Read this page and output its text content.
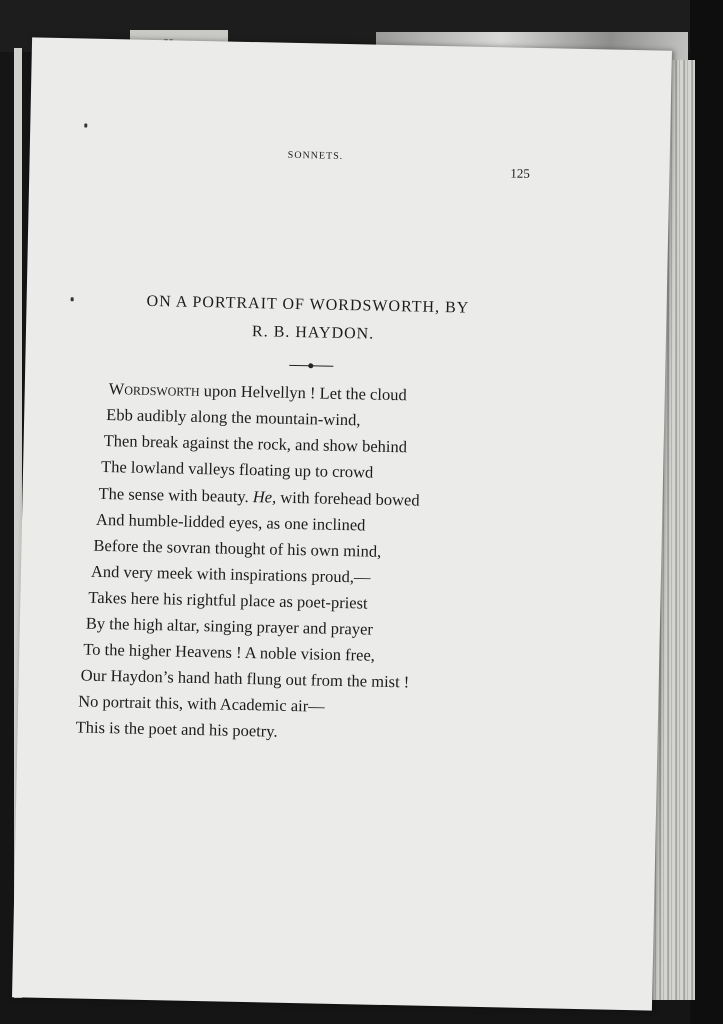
SONNETS.
125
ON A PORTRAIT OF WORDSWORTH, BY
R. B. HAYDON.
Wordsworth upon Helvellyn ! Let the cloud
Ebb audibly along the mountain-wind,
Then break against the rock, and show behind
The lowland valleys floating up to crowd
The sense with beauty. He, with forehead bowed
And humble-lidded eyes, as one inclined
Before the sovran thought of his own mind,
And very meek with inspirations proud,—
Takes here his rightful place as poet-priest
By the high altar, singing prayer and prayer
To the higher Heavens ! A noble vision free,
Our Haydon’s hand hath flung out from the mist !
No portrait this, with Academic air—
This is the poet and his poetry.
